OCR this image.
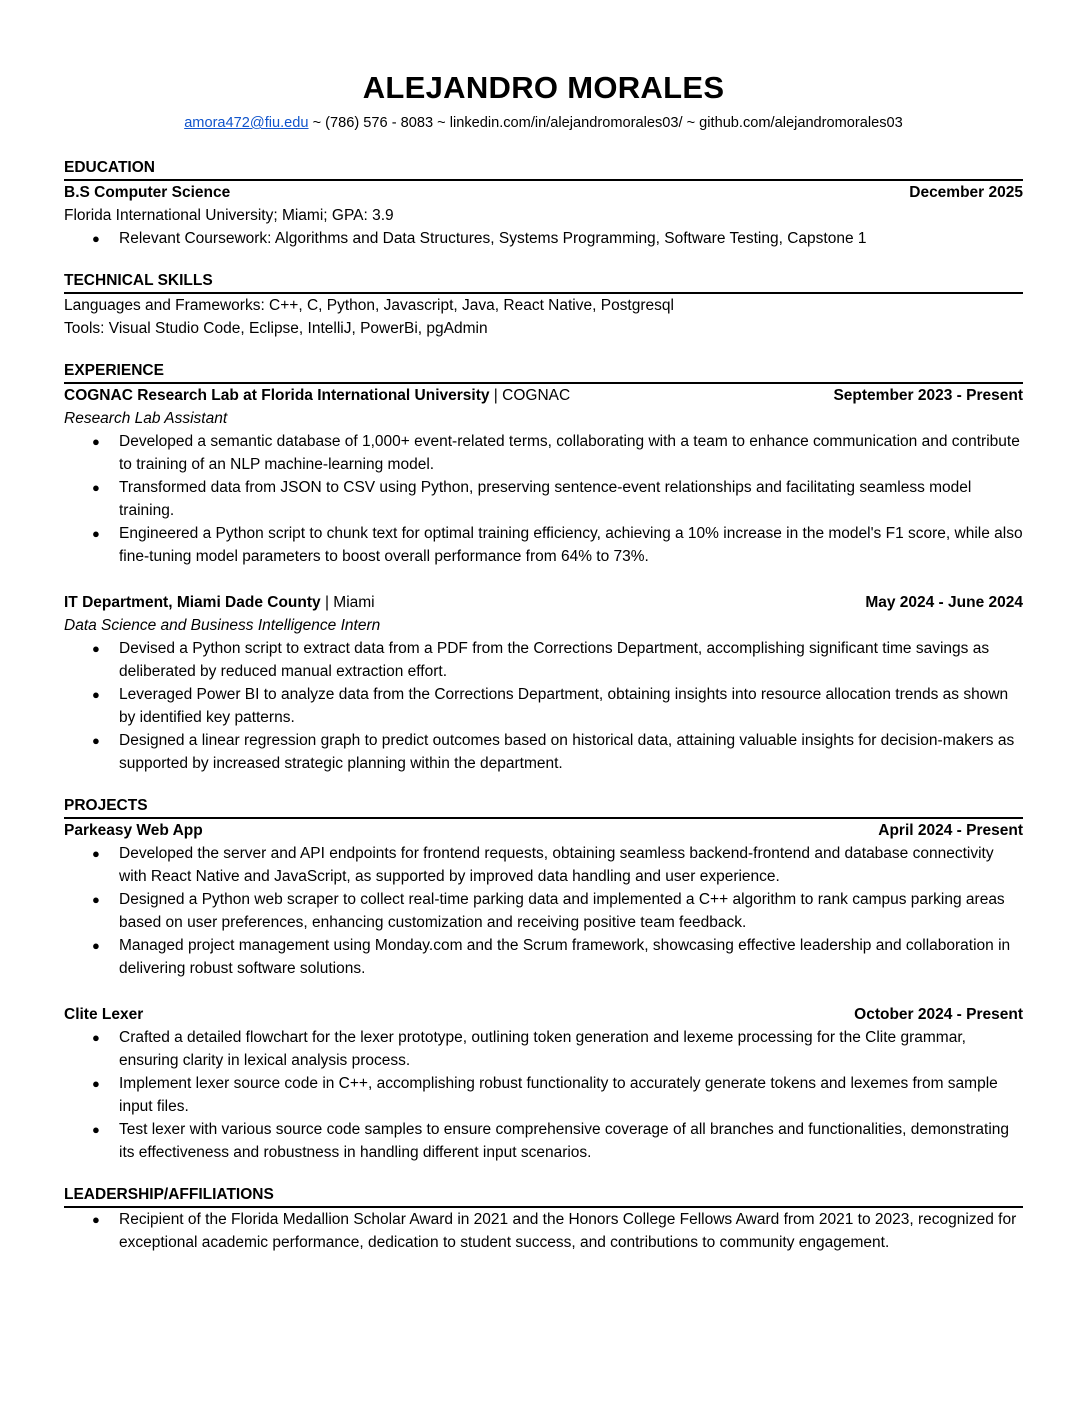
ALEJANDRO MORALES
amora472@fiu.edu ~ (786) 576 - 8083 ~ linkedin.com/in/alejandromorales03/ ~ github.com/alejandromorales03
EDUCATION
B.S Computer Science	December 2025
Florida International University; Miami; GPA: 3.9
● Relevant Coursework: Algorithms and Data Structures, Systems Programming, Software Testing, Capstone 1
TECHNICAL SKILLS
Languages and Frameworks: C++, C, Python, Javascript, Java, React Native, Postgresql
Tools: Visual Studio Code, Eclipse, IntelliJ, PowerBi, pgAdmin
EXPERIENCE
COGNAC Research Lab at Florida International University | COGNAC	September 2023 - Present
Research Lab Assistant
● Developed a semantic database of 1,000+ event-related terms, collaborating with a team to enhance communication and contribute to training of an NLP machine-learning model.
● Transformed data from JSON to CSV using Python, preserving sentence-event relationships and facilitating seamless model training.
● Engineered a Python script to chunk text for optimal training efficiency, achieving a 10% increase in the model's F1 score, while also fine-tuning model parameters to boost overall performance from 64% to 73%.
IT Department, Miami Dade County | Miami	May 2024 - June 2024
Data Science and Business Intelligence Intern
● Devised a Python script to extract data from a PDF from the Corrections Department, accomplishing significant time savings as deliberated by reduced manual extraction effort.
● Leveraged Power BI to analyze data from the Corrections Department, obtaining insights into resource allocation trends as shown by identified key patterns.
● Designed a linear regression graph to predict outcomes based on historical data, attaining valuable insights for decision-makers as supported by increased strategic planning within the department.
PROJECTS
Parkeasy Web App	April 2024 - Present
● Developed the server and API endpoints for frontend requests, obtaining seamless backend-frontend and database connectivity with React Native and JavaScript, as supported by improved data handling and user experience.
● Designed a Python web scraper to collect real-time parking data and implemented a C++ algorithm to rank campus parking areas based on user preferences, enhancing customization and receiving positive team feedback.
● Managed project management using Monday.com and the Scrum framework, showcasing effective leadership and collaboration in delivering robust software solutions.
Clite Lexer	October 2024 - Present
● Crafted a detailed flowchart for the lexer prototype, outlining token generation and lexeme processing for the Clite grammar, ensuring clarity in lexical analysis process.
● Implement lexer source code in C++, accomplishing robust functionality to accurately generate tokens and lexemes from sample input files.
● Test lexer with various source code samples to ensure comprehensive coverage of all branches and functionalities, demonstrating its effectiveness and robustness in handling different input scenarios.
LEADERSHIP/AFFILIATIONS
● Recipient of the Florida Medallion Scholar Award in 2021 and the Honors College Fellows Award from 2021 to 2023, recognized for exceptional academic performance, dedication to student success, and contributions to community engagement.
